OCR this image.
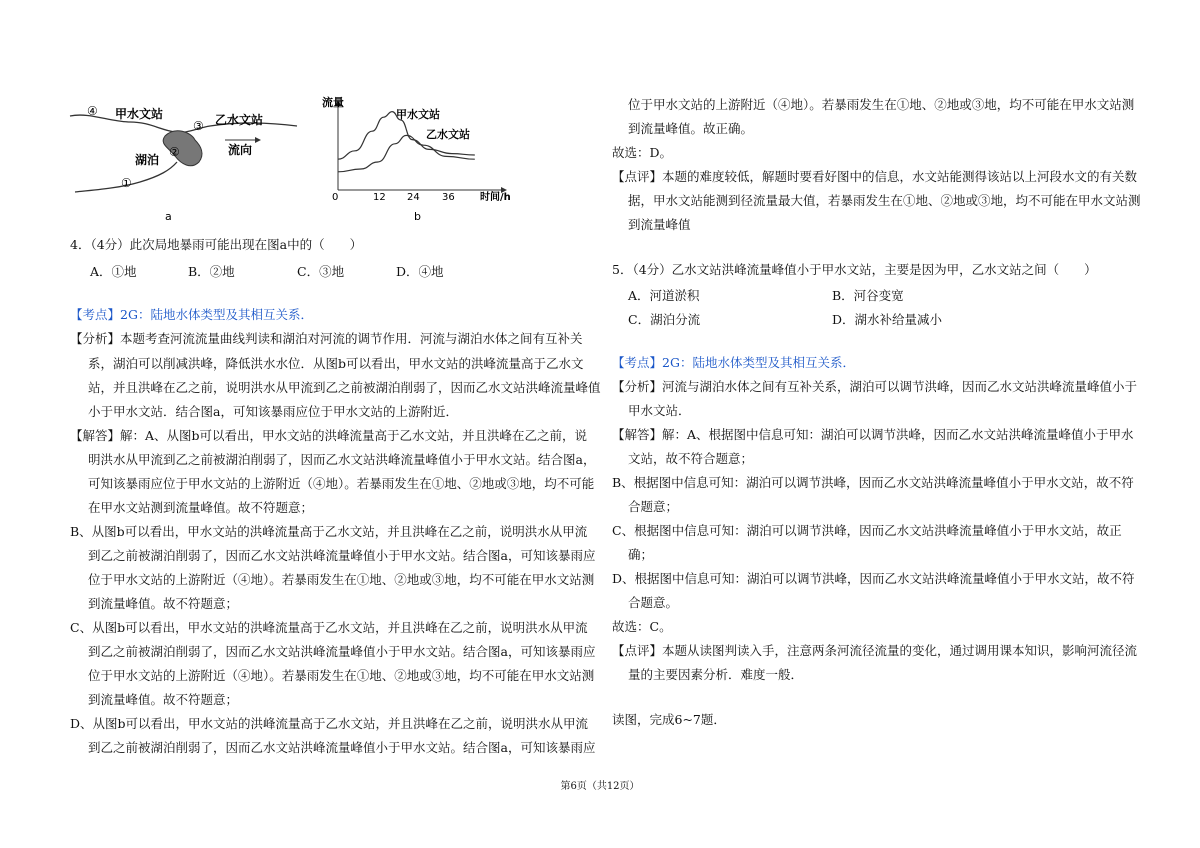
④ 甲水文站
③ 乙水文站
②
湖泊
流向
①
a
流量
时间/h
0	12 24 36
甲水文站
乙水文站
b
4．（4分）此次局地暴雨可能出现在图a中的（　　）
A．①地	B．②地	C．③地	D．④地
【考点】2G：陆地水体类型及其相互关系．
【分析】本题考查河流流量曲线判读和湖泊对河流的调节作用．河流与湖泊水体之间有互补关
系，湖泊可以削减洪峰，降低洪水水位．从图b可以看出，甲水文站的洪峰流量高于乙水文
站，并且洪峰在乙之前，说明洪水从甲流到乙之前被湖泊削弱了，因而乙水文站洪峰流量峰值
小于甲水文站．结合图a，可知该暴雨应位于甲水文站的上游附近．
【解答】解：A、从图b可以看出，甲水文站的洪峰流量高于乙水文站，并且洪峰在乙之前，说
明洪水从甲流到乙之前被湖泊削弱了，因而乙水文站洪峰流量峰值小于甲水文站。结合图a，
可知该暴雨应位于甲水文站的上游附近（④地）。若暴雨发生在①地、②地或③地，均不可能
在甲水文站测到流量峰值。故不符题意；
B、从图b可以看出，甲水文站的洪峰流量高于乙水文站，并且洪峰在乙之前，说明洪水从甲流
到乙之前被湖泊削弱了，因而乙水文站洪峰流量峰值小于甲水文站。结合图a，可知该暴雨应
位于甲水文站的上游附近（④地）。若暴雨发生在①地、②地或③地，均不可能在甲水文站测
到流量峰值。故不符题意；
C、从图b可以看出，甲水文站的洪峰流量高于乙水文站，并且洪峰在乙之前，说明洪水从甲流
到乙之前被湖泊削弱了，因而乙水文站洪峰流量峰值小于甲水文站。结合图a，可知该暴雨应
位于甲水文站的上游附近（④地）。若暴雨发生在①地、②地或③地，均不可能在甲水文站测
到流量峰值。故不符题意；
D、从图b可以看出，甲水文站的洪峰流量高于乙水文站，并且洪峰在乙之前，说明洪水从甲流
到乙之前被湖泊削弱了，因而乙水文站洪峰流量峰值小于甲水文站。结合图a，可知该暴雨应
位于甲水文站的上游附近（④地）。若暴雨发生在①地、②地或③地，均不可能在甲水文站测
到流量峰值。故正确。
故选：D。
【点评】本题的难度较低，解题时要看好图中的信息，水文站能测得该站以上河段水文的有关数
据，甲水文站能测到径流量最大值，若暴雨发生在①地、②地或③地，均不可能在甲水文站测
到流量峰值
5．（4分）乙水文站洪峰流量峰值小于甲水文站，主要是因为甲，乙水文站之间（　　）
A．河道淤积	B．河谷变宽
C．湖泊分流	D．湖水补给量减小
【考点】2G：陆地水体类型及其相互关系．
【分析】河流与湖泊水体之间有互补关系，湖泊可以调节洪峰，因而乙水文站洪峰流量峰值小于
甲水文站．
【解答】解：A、根据图中信息可知：湖泊可以调节洪峰，因而乙水文站洪峰流量峰值小于甲水
文站，故不符合题意；
B、根据图中信息可知：湖泊可以调节洪峰，因而乙水文站洪峰流量峰值小于甲水文站，故不符
合题意；
C、根据图中信息可知：湖泊可以调节洪峰，因而乙水文站洪峰流量峰值小于甲水文站，故正
确；
D、根据图中信息可知：湖泊可以调节洪峰，因而乙水文站洪峰流量峰值小于甲水文站，故不符
合题意。
故选：C。
【点评】本题从读图判读入手，注意两条河流径流量的变化，通过调用课本知识，影响河流径流
量的主要因素分析．难度一般．
读图，完成6~7题．
第6页（共12页）
